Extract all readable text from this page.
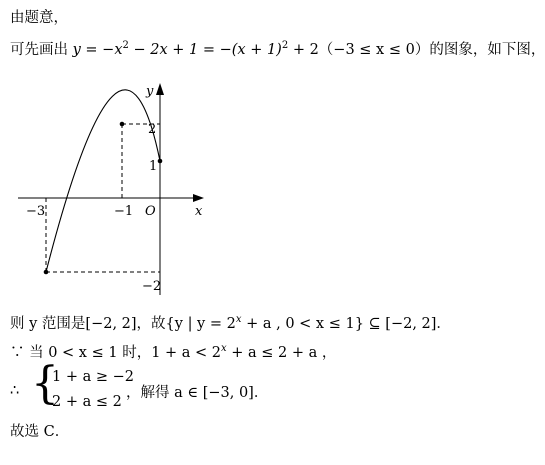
由题意，
可先画出 $y = -x^2 - 2x + 1 = -(x + 1)^2 + 2(-3 \le x \le 0)$的图象，如下图，
y
x
O
−3	−1
2
1
−2
则 y 范围是[−2, 2]，故{y | $y = 2^x + a$ , 0 < x ≤ 1} ⊆ [−2, 2]．
∵ 当 0 < x ≤ 1 时，$1 + a < 2^x + a \le 2 + a$ ，
∴ {
1 + a ≥ −2
2 + a ≤ 2
，解得 a ∈ [−3, 0]．
故选 C．
